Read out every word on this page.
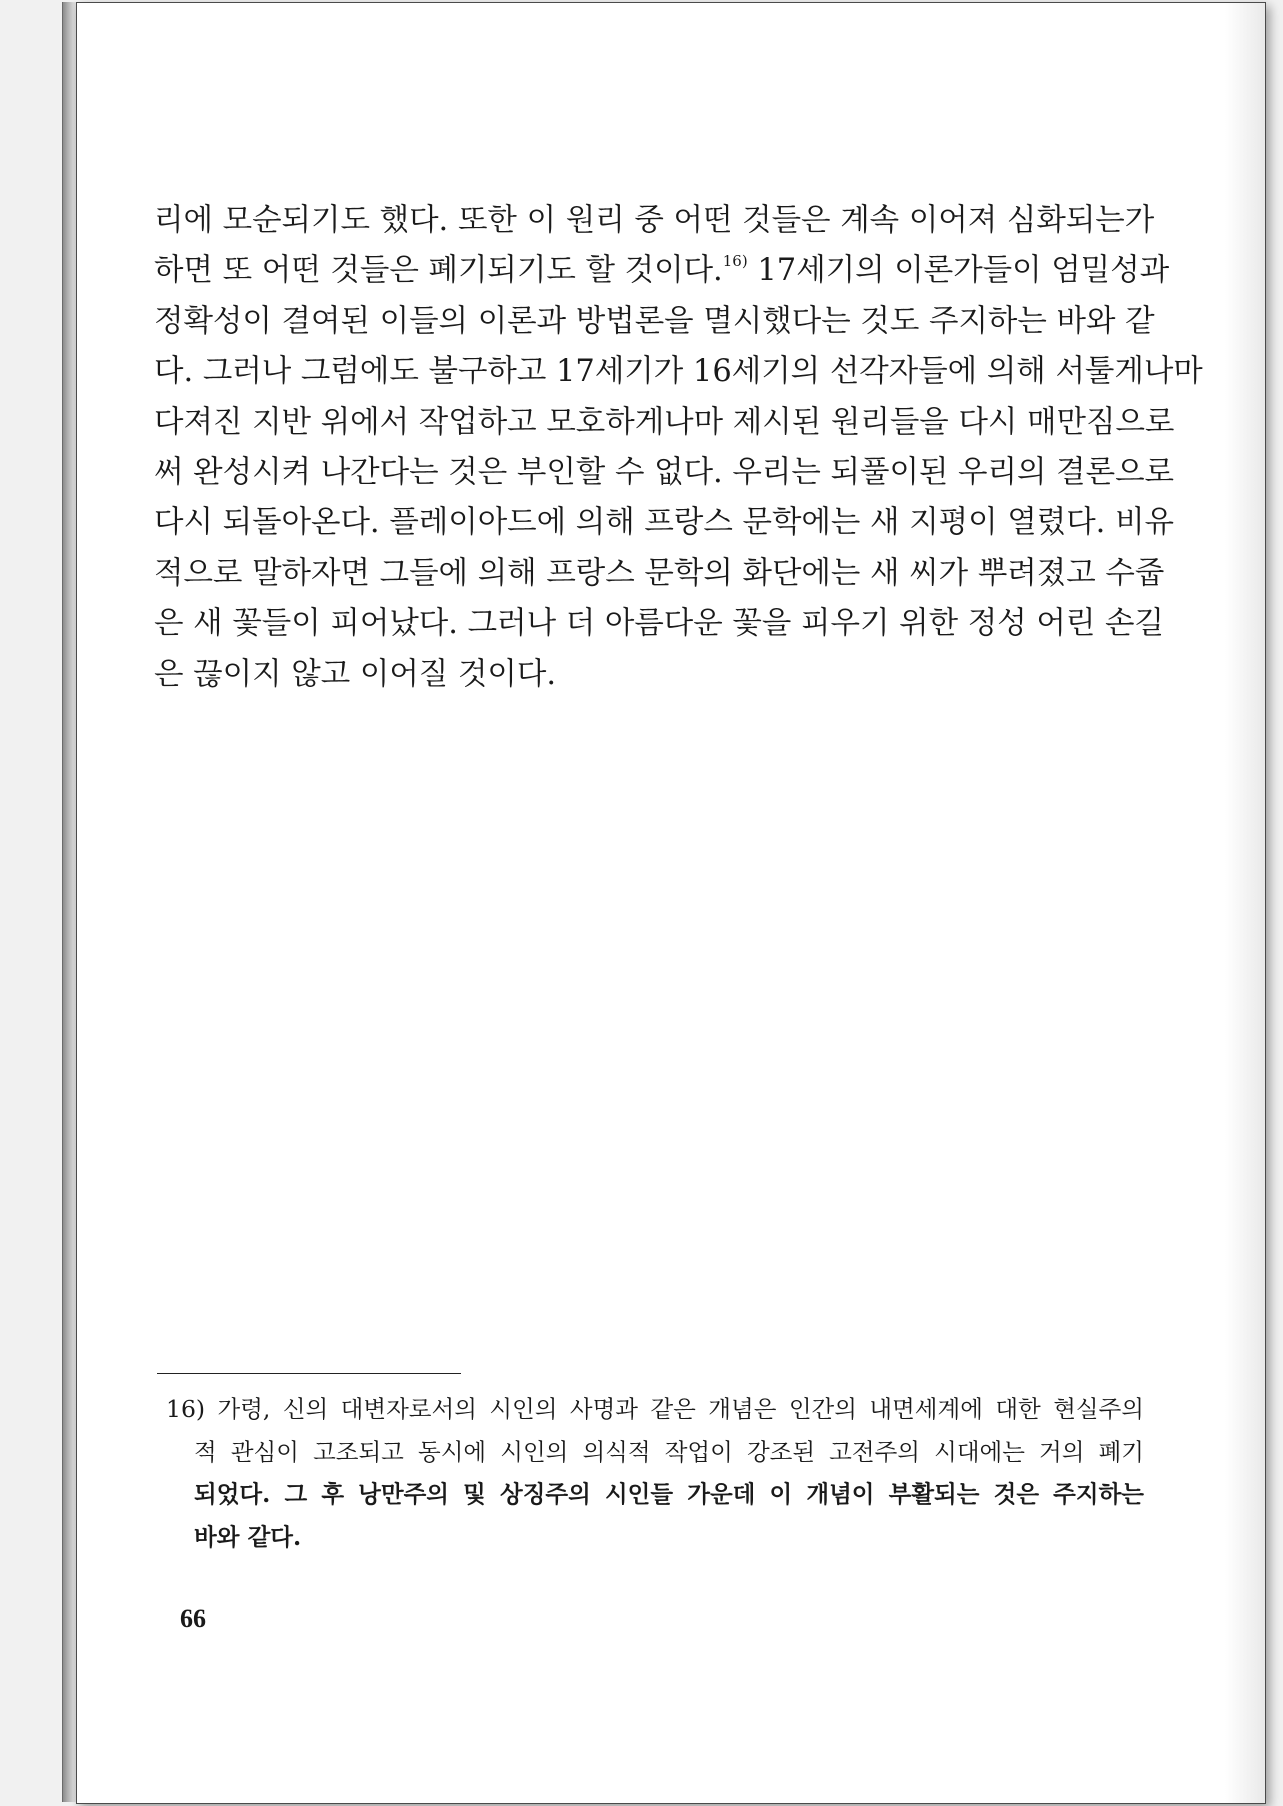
리에 모순되기도 했다. 또한 이 원리 중 어떤 것들은 계속 이어져 심화되는가
하면 또 어떤 것들은 폐기되기도 할 것이다.$^{16)}$ 17세기의 이론가들이 엄밀성과
정확성이 결여된 이들의 이론과 방법론을 멸시했다는 것도 주지하는 바와 같
다. 그러나 그럼에도 불구하고 17세기가 16세기의 선각자들에 의해 서툴게나마
다져진 지반 위에서 작업하고 모호하게나마 제시된 원리들을 다시 매만짐으로
써 완성시켜 나간다는 것은 부인할 수 없다. 우리는 되풀이된 우리의 결론으로
다시 되돌아온다. 플레이아드에 의해 프랑스 문학에는 새 지평이 열렸다. 비유
적으로 말하자면 그들에 의해 프랑스 문학의 화단에는 새 씨가 뿌려졌고 수줍
은 새 꽃들이 피어났다. 그러나 더 아름다운 꽃을 피우기 위한 정성 어린 손길
은 끊이지 않고 이어질 것이다.
16) 가령, 신의 대변자로서의 시인의 사명과 같은 개념은 인간의 내면세계에 대한 현실주의
적 관심이 고조되고 동시에 시인의 의식적 작업이 강조된 고전주의 시대에는 거의 폐기
되었다. 그 후 낭만주의 및 상징주의 시인들 가운데 이 개념이 부활되는 것은 주지하는
바와 같다.
66
